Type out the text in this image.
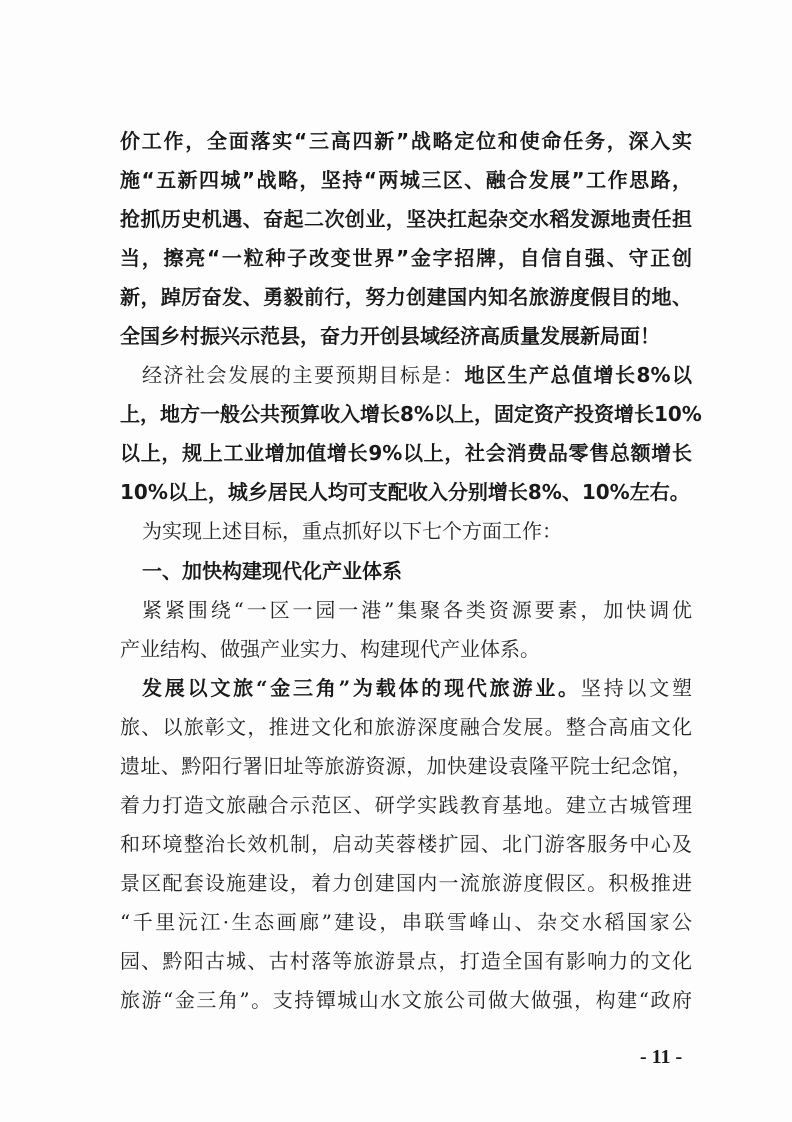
价工作，全面落实“三高四新”战略定位和使命任务，深入实
施“五新四城”战略，坚持“两城三区、融合发展”工作思路，
抢抓历史机遇、奋起二次创业，坚决扛起杂交水稻发源地责任担
当，擦亮“一粒种子改变世界”金字招牌，自信自强、守正创
新，踔厉奋发、勇毅前行，努力创建国内知名旅游度假目的地、
全国乡村振兴示范县，奋力开创县域经济高质量发展新局面！
经济社会发展的主要预期目标是：地区生产总值增长8%以
上，地方一般公共预算收入增长8%以上，固定资产投资增长10%
以上，规上工业增加值增长9%以上，社会消费品零售总额增长
10%以上，城乡居民人均可支配收入分别增长8%、10%左右。
为实现上述目标，重点抓好以下七个方面工作：
一、加快构建现代化产业体系
紧紧围绕“一区一园一港”集聚各类资源要素，加快调优
产业结构、做强产业实力、构建现代产业体系。
发展以文旅“金三角”为载体的现代旅游业。坚持以文塑
旅、以旅彰文，推进文化和旅游深度融合发展。整合高庙文化
遗址、黔阳行署旧址等旅游资源，加快建设袁隆平院士纪念馆，
着力打造文旅融合示范区、研学实践教育基地。建立古城管理
和环境整治长效机制，启动芙蓉楼扩园、北门游客服务中心及
景区配套设施建设，着力创建国内一流旅游度假区。积极推进
“千里沅江·生态画廊”建设，串联雪峰山、杂交水稻国家公
园、黔阳古城、古村落等旅游景点，打造全国有影响力的文化
旅游“金三角”。支持镡城山水文旅公司做大做强，构建“政府
- 11 -
